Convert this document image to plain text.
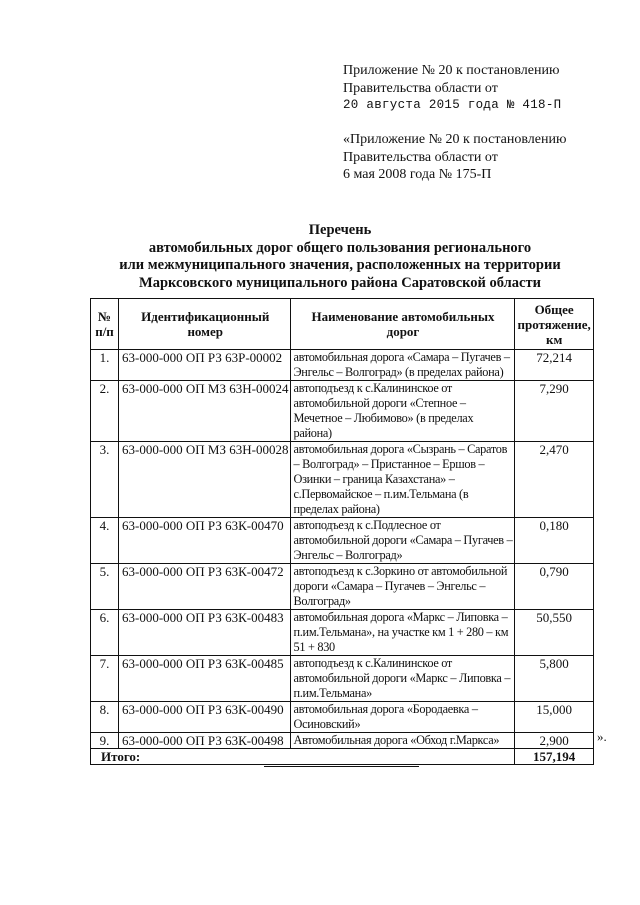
Приложение № 20 к постановлению
Правительства области от
20 августа 2015 года № 418-П
«Приложение № 20 к постановлению
Правительства области от
6 мая 2008 года № 175-П
Перечень
автомобильных дорог общего пользования регионального
или межмуниципального значения, расположенных на территории
Марксовского муниципального района Саратовской области
№ п/п	Идентификационный номер	Наименование автомобильных дорог	Общее протяжение, км
1.	63-000-000 ОП РЗ 63Р-00002	автомобильная дорога «Самара – Пугачев – Энгельс – Волгоград» (в пределах района)	72,214
2.	63-000-000 ОП МЗ 63Н-00024	автоподъезд к с.Калининское от автомобильной дороги «Степное – Мечетное – Любимово» (в пределах района)	7,290
3.	63-000-000 ОП МЗ 63Н-00028	автомобильная дорога «Сызрань – Саратов – Волгоград» – Пристанное – Ершов – Озинки – граница Казахстана» – с.Первомайское – п.им.Тельмана (в пределах района)	2,470
4.	63-000-000 ОП РЗ 63К-00470	автоподъезд к с.Подлесное от автомобильной дороги «Самара – Пугачев – Энгельс – Волгоград»	0,180
5.	63-000-000 ОП РЗ 63К-00472	автоподъезд к с.Зоркино от автомобильной дороги «Самара – Пугачев – Энгельс – Волгоград»	0,790
6.	63-000-000 ОП РЗ 63К-00483	автомобильная дорога «Маркс – Липовка – п.им.Тельмана», на участке км 1 + 280 – км 51 + 830	50,550
7.	63-000-000 ОП РЗ 63К-00485	автоподъезд к с.Калининское от автомобильной дороги «Маркс – Липовка – п.им.Тельмана»	5,800
8.	63-000-000 ОП РЗ 63К-00490	автомобильная дорога «Бородаевка – Осиновский»	15,000
9.	63-000-000 ОП РЗ 63К-00498	Автомобильная дорога «Обход г.Маркса»	2,900
Итого:			157,194
».
